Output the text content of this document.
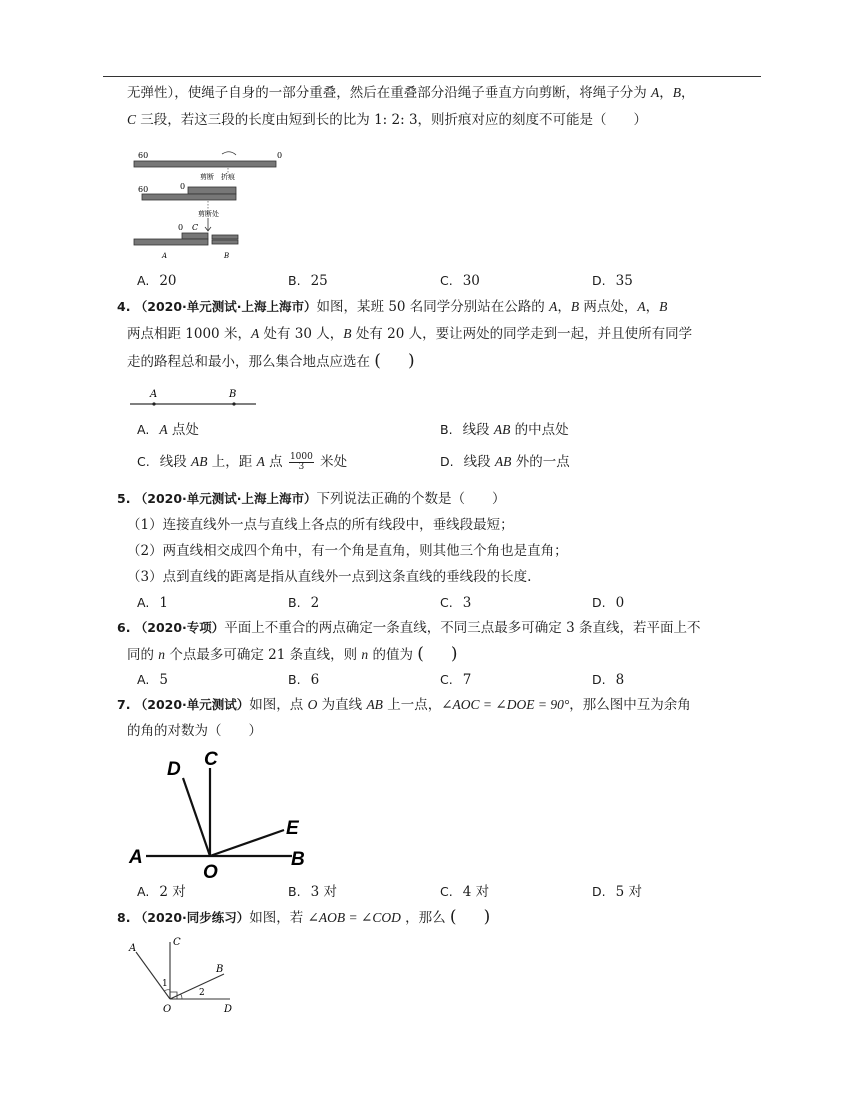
无弹性），使绳子自身的一部分重叠，然后在重叠部分沿绳子垂直方向剪断，将绳子分为 A，B，
C 三段，若这三段的长度由短到长的比为 1: 2: 3，则折痕对应的刻度不可能是（　　）
60	0
剪断 折痕
60	0
剪断处
0 C
A	B
A. 20	B. 25	C. 30	D. 35
4. （2020·单元测试·上海上海市）如图，某班 50 名同学分别站在公路的 A，B 两点处，A，B
两点相距 1000 米，A 处有 30 人，B 处有 20 人，要让两处的同学走到一起，并且使所有同学
走的路程总和最小，那么集合地点应选在 (　　 )
A	B
A. A 点处	B. 线段 AB 的中点处
C. 线段 AB 上，距 A 点 $\frac{1000}{3}$ 米处	D. 线段 AB 外的一点
5. （2020·单元测试·上海上海市）下列说法正确的个数是（　　）
（1）连接直线外一点与直线上各点的所有线段中，垂线段最短；
（2）两直线相交成四个角中，有一个角是直角，则其他三个角也是直角；
（3）点到直线的距离是指从直线外一点到这条直线的垂线段的长度.
A. 1	B. 2	C. 3	D. 0
6. （2020·专项）平面上不重合的两点确定一条直线，不同三点最多可确定 3 条直线，若平面上不
同的 n 个点最多可确定 21 条直线，则 n 的值为 (　　 )
A. 5	B. 6	C. 7	D. 8
7. （2020·单元测试）如图，点 O 为直线 AB 上一点，∠AOC = ∠DOE = 90°，那么图中互为余角
的角的对数为（　　）
D C
E
A	B
O
A. 2 对	B. 3 对	C. 4 对	D. 5 对
8. （2020·同步练习）如图，若 ∠AOB = ∠COD ，那么 (　　 )
A
C
B
1
2
O	D
